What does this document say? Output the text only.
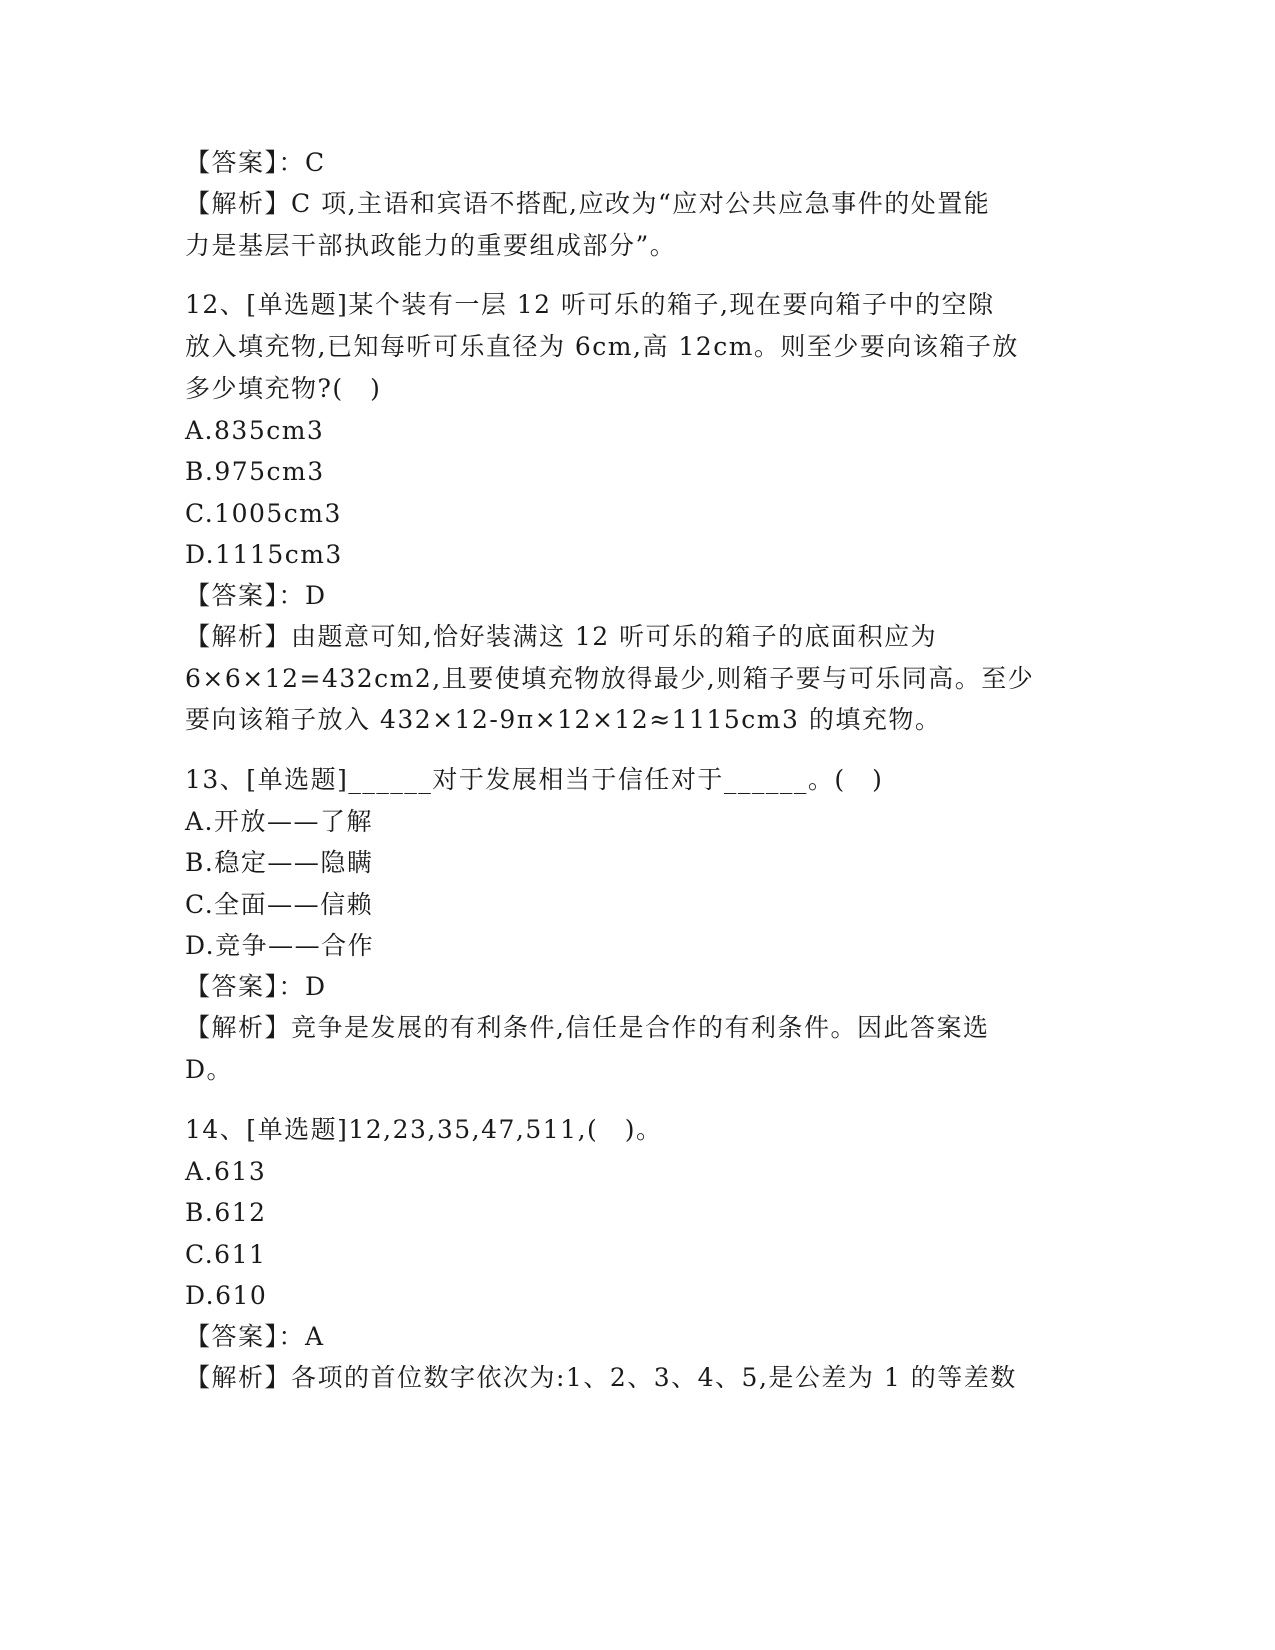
【答案】：C
【解析】C 项,主语和宾语不搭配,应改为“应对公共应急事件的处置能
力是基层干部执政能力的重要组成部分”。
12、[单选题]某个装有一层 12 听可乐的箱子,现在要向箱子中的空隙
放入填充物,已知每听可乐直径为 6cm,高 12cm。则至少要向该箱子放
多少填充物?(　)
A.835cm3
B.975cm3
C.1005cm3
D.1115cm3
【答案】：D
【解析】由题意可知,恰好装满这 12 听可乐的箱子的底面积应为
6×6×12=432cm2,且要使填充物放得最少,则箱子要与可乐同高。至少
要向该箱子放入 432×12-9π×12×12≈1115cm3 的填充物。
13、[单选题]______对于发展相当于信任对于______。(　)
A.开放——了解
B.稳定——隐瞒
C.全面——信赖
D.竞争——合作
【答案】：D
【解析】竞争是发展的有利条件,信任是合作的有利条件。因此答案选
D。
14、[单选题]12,23,35,47,511,(　)。
A.613
B.612
C.611
D.610
【答案】：A
【解析】各项的首位数字依次为:1、2、3、4、5,是公差为 1 的等差数
